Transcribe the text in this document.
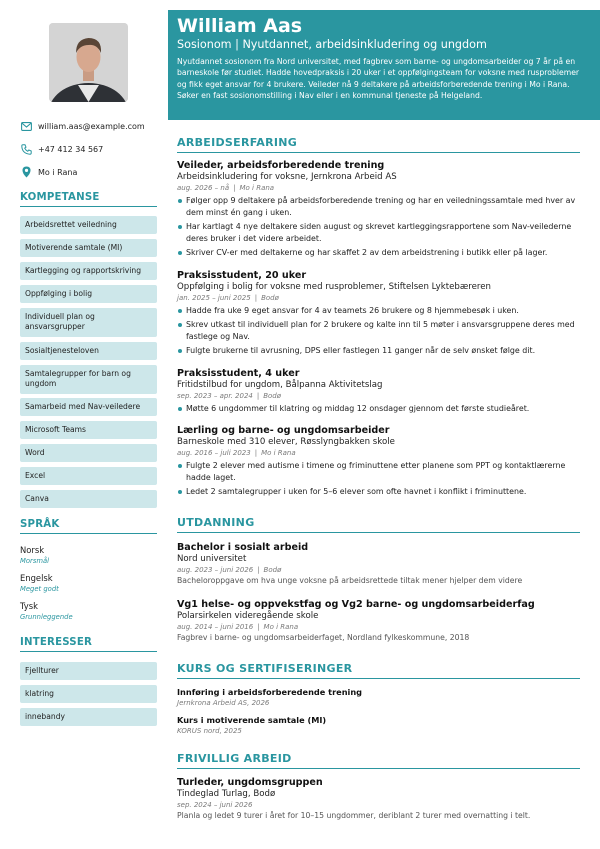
william.aas@example.com
+47 412 34 567
Mo i Rana
KOMPETANSE
Arbeidsrettet veiledning
Motiverende samtale (MI)
Kartlegging og rapportskriving
Oppfølging i bolig
Individuell plan og ansvarsgrupper
Sosialtjenesteloven
Samtalegrupper for barn og ungdom
Samarbeid med Nav-veiledere
Microsoft Teams
Word
Excel
Canva
SPRÅK
Norsk
Morsmål
Engelsk
Meget godt
Tysk
Grunnleggende
INTERESSER
Fjellturer
klatring
innebandy
William Aas
Sosionom | Nyutdannet, arbeidsinkludering og ungdom
Nyutdannet sosionom fra Nord universitet, med fagbrev som barne- og ungdomsarbeider og 7 år på en barneskole før studiet. Hadde hovedpraksis i 20 uker i et oppfølgingsteam for voksne med rusproblemer og fikk eget ansvar for 4 brukere. Veileder nå 9 deltakere på arbeidsforberedende trening i Mo i Rana. Søker en fast sosionomstilling i Nav eller i en kommunal tjeneste på Helgeland.
ARBEIDSERFARING
Veileder, arbeidsforberedende trening
Arbeidsinkludering for voksne, Jernkrona Arbeid AS
aug. 2026 – nå | Mo i Rana
Følger opp 9 deltakere på arbeidsforberedende trening og har en veiledningssamtale med hver av dem minst én gang i uken.
Har kartlagt 4 nye deltakere siden august og skrevet kartleggingsrapportene som Nav-veilederne deres bruker i det videre arbeidet.
Skriver CV-er med deltakerne og har skaffet 2 av dem arbeidstrening i butikk eller på lager.
Praksisstudent, 20 uker
Oppfølging i bolig for voksne med rusproblemer, Stiftelsen Lyktebæreren
jan. 2025 – juni 2025 | Bodø
Hadde fra uke 9 eget ansvar for 4 av teamets 26 brukere og 8 hjemmebesøk i uken.
Skrev utkast til individuell plan for 2 brukere og kalte inn til 5 møter i ansvarsgruppene deres med fastlege og Nav.
Fulgte brukerne til avrusning, DPS eller fastlegen 11 ganger når de selv ønsket følge dit.
Praksisstudent, 4 uker
Fritidstilbud for ungdom, Bålpanna Aktivitetslag
sep. 2023 – apr. 2024 | Bodø
Møtte 6 ungdommer til klatring og middag 12 onsdager gjennom det første studieåret.
Lærling og barne- og ungdomsarbeider
Barneskole med 310 elever, Røsslyngbakken skole
aug. 2016 – juli 2023 | Mo i Rana
Fulgte 2 elever med autisme i timene og friminuttene etter planene som PPT og kontaktlærerne hadde laget.
Ledet 2 samtalegrupper i uken for 5–6 elever som ofte havnet i konflikt i friminuttene.
UTDANNING
Bachelor i sosialt arbeid
Nord universitet
aug. 2023 – juni 2026 | Bodø
Bacheloroppgave om hva unge voksne på arbeidsrettede tiltak mener hjelper dem videre
Vg1 helse- og oppvekstfag og Vg2 barne- og ungdomsarbeiderfag
Polarsirkelen videregående skole
aug. 2014 – juni 2016 | Mo i Rana
Fagbrev i barne- og ungdomsarbeiderfaget, Nordland fylkeskommune, 2018
KURS OG SERTIFISERINGER
Innføring i arbeidsforberedende trening
Jernkrona Arbeid AS, 2026
Kurs i motiverende samtale (MI)
KORUS nord, 2025
FRIVILLIG ARBEID
Turleder, ungdomsgruppen
Tindeglad Turlag, Bodø
sep. 2024 – juni 2026
Planla og ledet 9 turer i året for 10–15 ungdommer, deriblant 2 turer med overnatting i telt.
